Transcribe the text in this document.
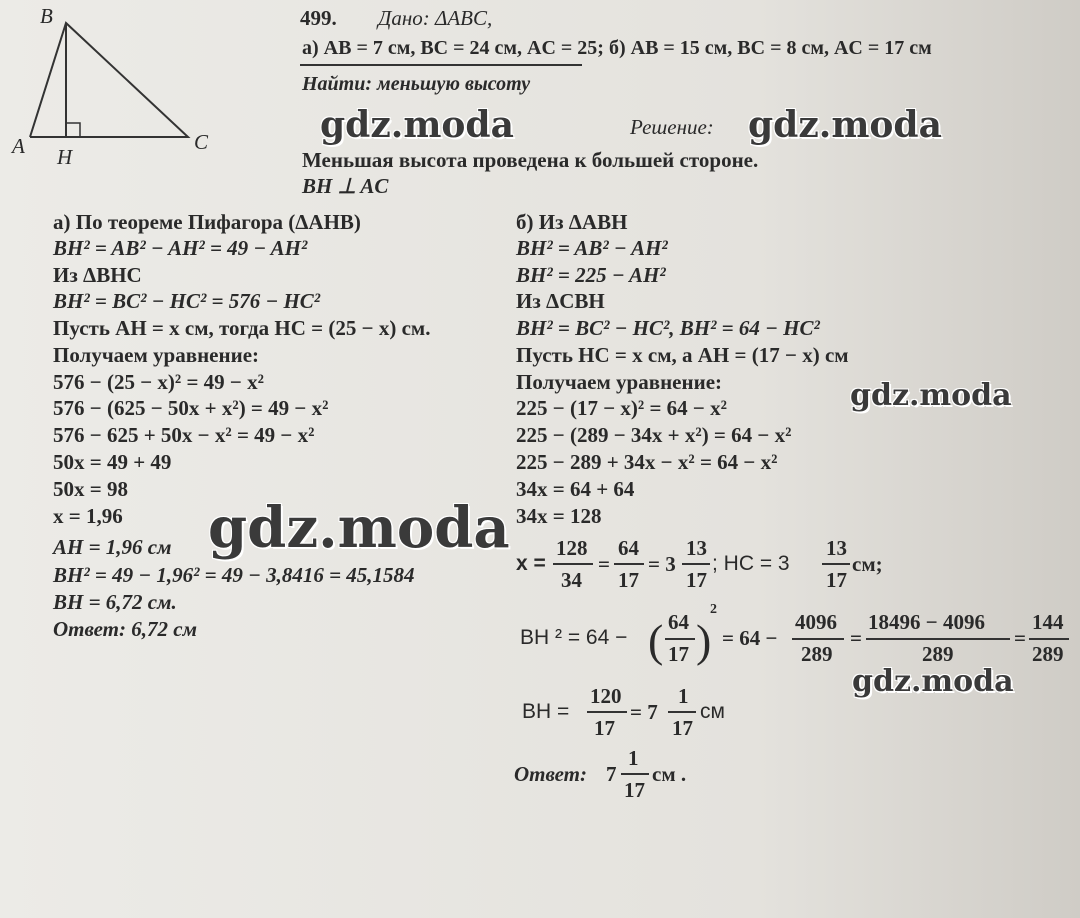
B
A H
C
499. Дано: ΔABC,
а) AB = 7 см, BC = 24 см, AC = 25; б) AB = 15 см, BC = 8 см, AC = 17 см
Найти: меньшую высоту
Решение:
Меньшая высота проведена к большей стороне.
BH ⊥ AC
а) По теореме Пифагора (ΔAHB)
BH² = AB² − AH² = 49 − AH²
Из ΔBHC
BH² = BC² − HC² = 576 − HC²
Пусть AH = x см, тогда HC = (25 − x) см.
Получаем уравнение:
576 − (25 − x)² = 49 − x²
576 − (625 − 50x + x²) = 49 − x²
576 − 625 + 50x − x² = 49 − x²
50x = 49 + 49
50x = 98
x = 1,96
AH = 1,96 см
BH² = 49 − 1,96² = 49 − 3,8416 = 45,1584
BH = 6,72 см.
Ответ: 6,72 см
б) Из ΔABH
BH² = AB² − AH²
BH² = 225 − AH²
Из ΔCBH
BH² = BC² − HC², BH² = 64 − HC²
Пусть HC = x см, а AH = (17 − x) см
Получаем уравнение:
225 − (17 − x)² = 64 − x²
225 − (289 − 34x + x²) = 64 − x²
225 − 289 + 34x − x² = 64 − x²
34x = 64 + 64
34x = 128
x =
128
34
=
64
17
= 3
13
17
; HC = 3
13
17
см;
BH ² = 64 − ( 64
17 )
2
= 64 −
4096
289
=
18496 − 4096
289
=
144
289
BH =
120
17
= 7
1
17
см
Ответ: 7
1
17
см .
gdz.moda	gdz.moda
gdz.moda
gdz.moda
gdz.moda
